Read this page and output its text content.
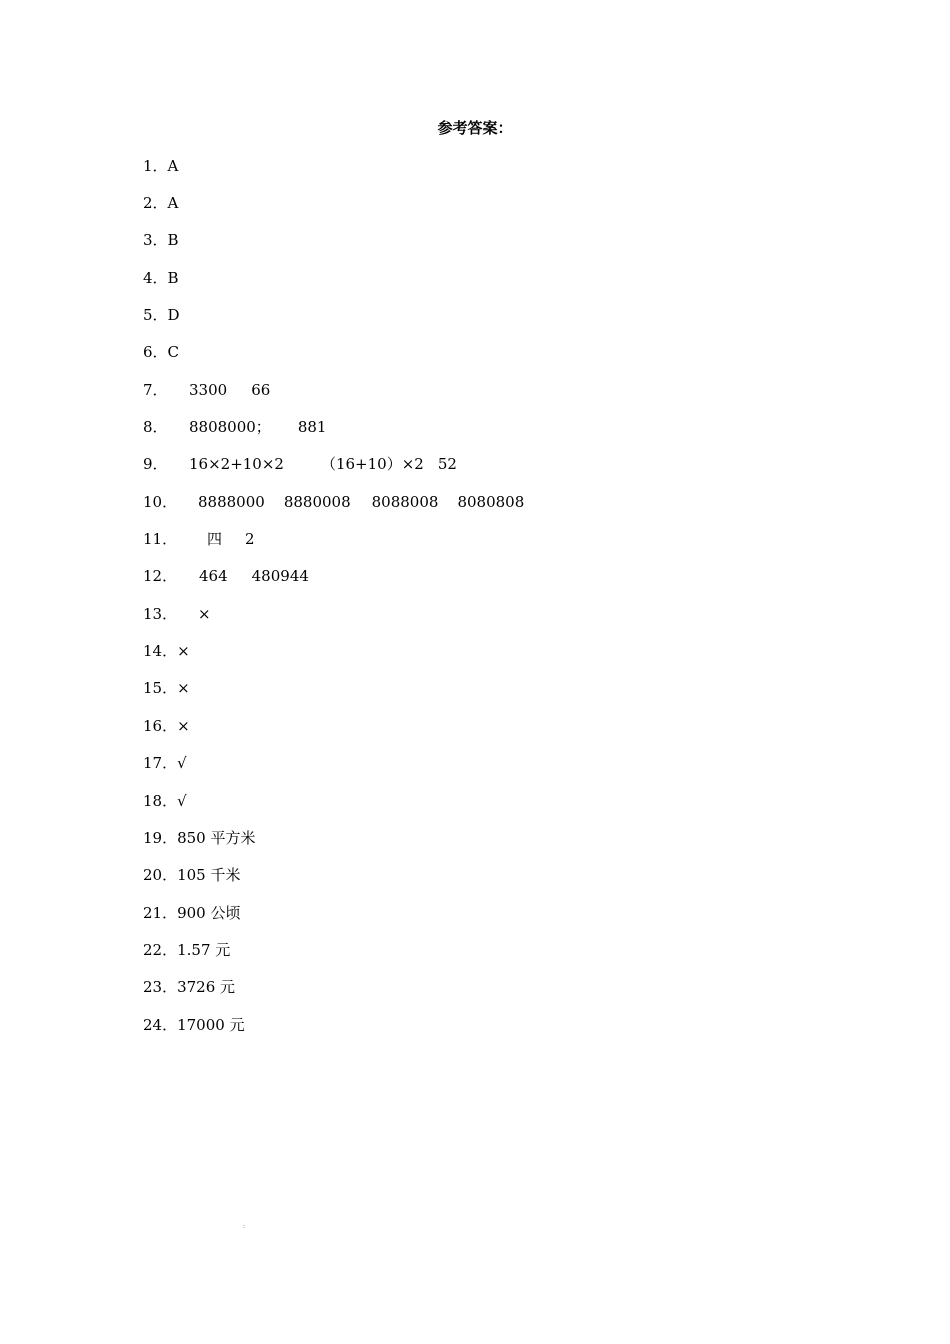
参考答案：
1． A
2． A
3． B
4． B
5． D
6． C
7．	3300 66
8．	8808000； 881
9．	16×2+10×2 （16+10）×2 52
10．	8888000 8880008 8088008 8080808
11．	四 2
12．	464 480 944
13．	×
14． ×
15． ×
16． ×
17． √
18． √
19． 850 平方米
20． 105 千米
21． 900 公顷
22． 1.57 元
23． 3726 元
24． 17000 元
:
